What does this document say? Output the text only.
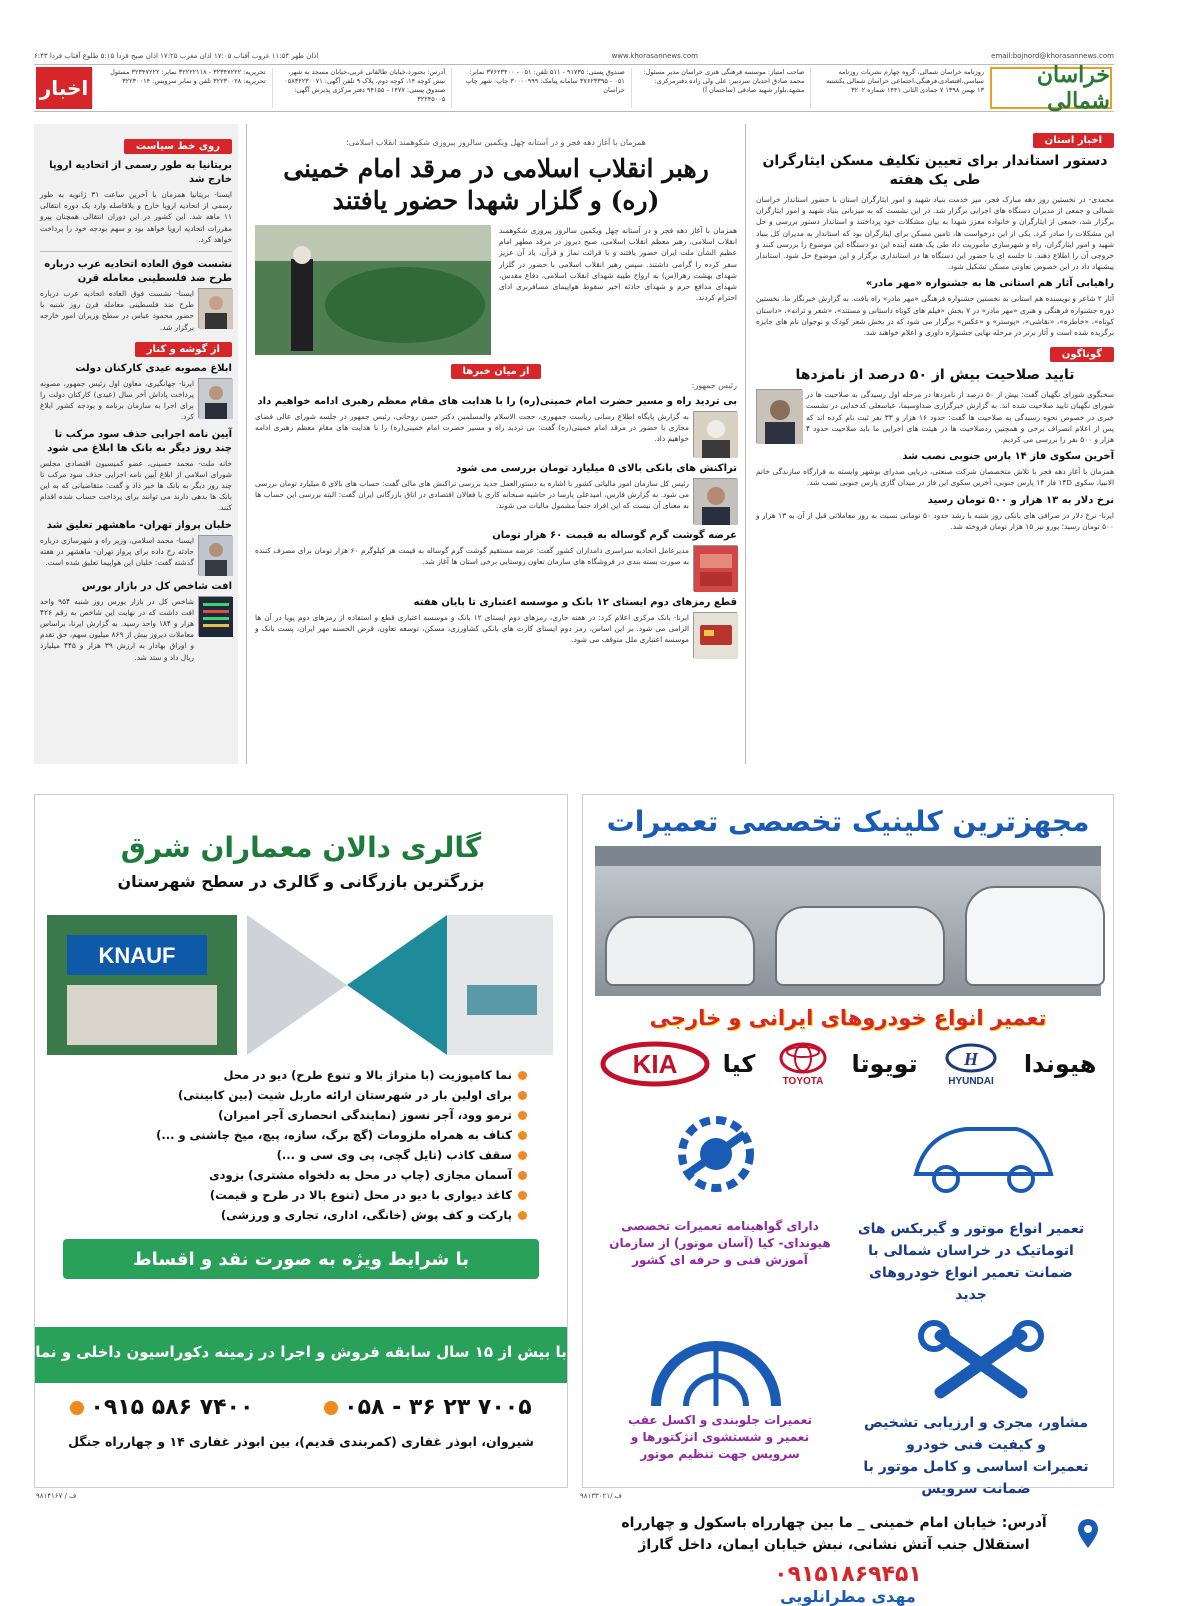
email:bojnord@khorasannews.com
www.khorasannews.com
اذان ظهر ۱۱:۵۴ غروب آفتاب ۱۷:۰۵ اذان مغرب ۱۷:۲۵ اذان صبح فردا ۵:۱۵ طلوع آفتاب فردا ۶:۴۳
خراسان شمالی
روزنامه خراسان شمالی، گروه چهارم نشریات روزنامه سیاسی،اقتصادی،فرهنگی،اجتماعی خراسان شمالی یکشنبه ۱۳ بهمن ۱۳۹۸ ۷ جمادی الثانی ۱۴۴۱ شماره ۳۲۰۲
صاحب امتیاز: موسسه فرهنگی هنری خراسان مدیر مسئول: محمد صادق احدیان سردبیر: علی ولی زاده دفترمرکزی: مشهد،بلوار شهید صادقی (ساختمان آ)
صندوق پستی: ۹۱۷۳۵ - ۵۱۱ تلفن: ۰۵۱ - ۳۷۶۲۳۴۰۰ نمابر: ۰۵۱ - ۳۷۶۲۳۳۹۵ سامانه پیامک: ۳۰۰۰۰۹۹۹ چاپ: شهر چاپ خراسان
آدرس: بجنورد،خیابان طالقانی غربی،خیابان مسجد به شهر، نبش کوچه ۱۴، کوچه دوم، پلاک ۹ تلفن آگهی: ۰۵۸۳۲۲۳۰۰۷۱ صندوق پستی: ۱۴۷۷ - ۹۴۱۵۵ دفتر مرکزی پذیرش آگهی: ۳۲۲۴۵۰۰۵
تحریریه: ۳۲۳۴۷۲۲۲ - ۳۲۲۲۲۱۱۸ نمابر: ۳۲۳۴۷۲۲۲ مسئول تحریریه: ۳۲۲۳۰۰۲۸ تلفن و نمابر سرویس: ۳۲۲۳۰۰۱۴
اخبار
اخبار استان
دستور استاندار برای تعیین تکلیف مسکن ایثارگران طی یک هفته

محمدی- در نخستین روز دهه مبارک فجر، میز خدمت بنیاد شهید و امور ایثارگران استان با حضور استاندار خراسان شمالی و جمعی از مدیران دستگاه های اجرایی برگزار شد. در این نشست که به میزبانی بنیاد شهید و امور ایثارگران برگزار شد، جمعی از ایثارگران و خانواده معزز شهدا به بیان مشکلات خود پرداختند و استاندار دستور بررسی و حل این مشکلات را صادر کرد. یکی از این درخواست ها، تامین مسکن برای ایثارگران بود که استاندار به مدیران کل بنیاد شهید و امور ایثارگران، راه و شهرسازی مأموریت داد طی یک هفته آینده این دو دستگاه این موضوع را بررسی کنند و خروجی آن را اطلاع دهند. تا جلسه ای با حضور این دستگاه ها در استانداری برگزار و این موضوع حل شود. استاندار پیشنهاد داد در این خصوص تعاونی مسکن تشکیل شود.

راهیابی آثار هم استانی ها به جشنواره «مهر مادر»

آثار ۲ شاعر و نویسنده هم استانی به نخستین جشنواره فرهنگی «مهر مادر» راه یافت. به گزارش خبرنگار ما، نخستین دوره جشنواره فرهنگی و هنری «مهر مادر» در ۷ بخش «فیلم های کوتاه داستانی و مستند»، «شعر و ترانه»، «داستان کوتاه»، «خاطره»، «نقاشی»، «پوستر» و «عکس» برگزار می شود که در بخش شعر کودک و نوجوان نام های جایزه برگزیده شده است و آثار برتر در مرحله نهایی جشنواره داوری و اعلام خواهند شد.

گوناگون
تایید صلاحیت بیش از ۵۰ درصد از نامزدها

سخنگوی شورای نگهبان گفت: بیش از ۵۰ درصد از نامزدها در مرحله اول رسیدگی به صلاحیت ها در شورای نگهبان تایید صلاحیت شده اند. به گزارش خبرگزاری صداوسیما، عباسعلی کدخدایی در نشست خبری در خصوص نحوه رسیدگی به صلاحیت ها گفت: حدود ۱۶ هزار و ۳۳ نفر ثبت نام کرده اند که پس از اعلام انصراف برخی و همچنین ردصلاحیت ها در هیئت های اجرایی ما باید صلاحیت حدود ۴ هزار و ۵۰۰ نفر را بررسی می کردیم.

آخرین سکوی فاز ۱۴ پارس جنوبی نصب شد

همزمان با آغاز دهه فجر با تلاش متخصصان شرکت صنعتی، دریایی صدرای بوشهر وابسته به قرارگاه سازندگی خاتم الانبیا، سکوی ۱۴D فاز ۱۴ پارس جنوبی، آخرین سکوی این فاز در میدان گازی پارس جنوبی نصب شد.

نرخ دلار به ۱۳ هزار و ۵۰۰ تومان رسید

ایرنا- نرخ دلار در صرافی های بانکی روز شنبه با رشد حدود ۵۰ تومانی نسبت به روز معاملاتی قبل از آن به ۱۳ هزار و ۵۰۰ تومان رسید؛ یورو نیز ۱۵ هزار تومان فروخته شد.

همزمان با آغاز دهه فجر و در آستانه چهل ویکمین سالروز پیروزی شکوهمند انقلاب اسلامی؛

رهبر انقلاب اسلامی در مرقد امام خمینی (ره) و گلزار شهدا حضور یافتند

همزمان با آغاز دهه فجر و در آستانه چهل ویکمین سالروز پیروزی شکوهمند انقلاب اسلامی، رهبر معظم انقلاب اسلامی، صبح دیروز در مرقد مطهر امام عظیم الشأن ملت ایران حضور یافتند و با قرائت نماز و قرآن، یاد آن عزیز سفر کرده را گرامی داشتند. سپس رهبر انقلاب اسلامی با حضور در گلزار شهدای بهشت زهرا(س) به ارواح طیبه شهدای انقلاب اسلامی، دفاع مقدس، شهدای مدافع حرم و شهدای حادثه اخیر سقوط هواپیمای مسافربری ادای احترام کردند.

از میان خبرها

رئیس جمهور:

بی تردید راه و مسیر حضرت امام خمینی(ره) را با هدایت های مقام معظم رهبری ادامه خواهیم داد

به گزارش پایگاه اطلاع رسانی ریاست جمهوری، حجت الاسلام والمسلمین دکتر حسن روحانی، رئیس جمهور در جلسه شورای عالی فضای مجازی با حضور در مرقد امام خمینی(ره) گفت: بی تردید راه و مسیر حضرت امام خمینی(ره) را با هدایت های مقام معظم رهبری ادامه خواهیم داد.

تراکنش های بانکی بالای ۵ میلیارد تومان بررسی می شود

رئیس کل سازمان امور مالیاتی کشور با اشاره به دستورالعمل جدید بررسی تراکنش های مالی گفت: حساب های بالای ۵ میلیارد تومان بررسی می شود. به گزارش فارس، امیدعلی پارسا در حاشیه صبحانه کاری با فعالان اقتصادی در اتاق بازرگانی ایران گفت: البته بررسی این حساب ها به معنای آن نیست که این افراد حتماً مشمول مالیات می شوند.

عرضه گوشت گرم گوساله به قیمت ۶۰ هزار تومان

مدیرعامل اتحادیه سراسری دامداران کشور گفت: عرضه مستقیم گوشت گرم گوساله به قیمت هر کیلوگرم ۶۰ هزار تومان برای مصرف کننده به صورت بسته بندی در فروشگاه های سازمان تعاون روستایی برخی استان ها آغاز شد.

قطع رمزهای دوم ایستای ۱۲ بانک و موسسه اعتباری تا پایان هفته

ایرنا- بانک مرکزی اعلام کرد: در هفته جاری، رمزهای دوم ایستای ۱۲ بانک و موسسه اعتباری قطع و استفاده از رمزهای دوم پویا در آن ها الزامی می شود. بر این اساس، رمز دوم ایستای کارت های بانکی کشاورزی، مسکن، توسعه تعاون، قرض الحسنه مهر ایران، پست بانک و موسسه اعتباری ملل متوقف می شود.

روی خط سیاست
بریتانیا به طور رسمی از اتحادیه اروپا خارج شد

ایسنا- بریتانیا همزمان با آخرین ساعت ۳۱ ژانویه به طور رسمی از اتحادیه اروپا خارج و بلافاصله وارد یک دوره انتقالی ۱۱ ماهه شد. این کشور در این دوران انتقالی همچنان پیرو مقررات اتحادیه اروپا خواهد بود و سهم بودجه خود را پرداخت خواهد کرد.

نشست فوق العاده اتحادیه عرب درباره طرح ضد فلسطینی معامله قرن

ایسنا- نشست فوق العاده اتحادیه عرب درباره طرح ضد فلسطینی معامله قرن روز شنبه با حضور محمود عباس در سطح وزیران امور خارجه برگزار شد.

از گوشه و کنار
ابلاغ مصوبه عیدی کارکنان دولت

ایرنا- جهانگیری، معاون اول رئیس جمهور، مصوبه پرداخت پاداش آخر سال (عیدی) کارکنان دولت را برای اجرا به سازمان برنامه و بودجه کشور ابلاغ کرد.

آیین نامه اجرایی حذف سود مرکب تا چند روز دیگر به بانک ها ابلاغ می شود

خانه ملت- محمد حسینی، عضو کمیسیون اقتصادی مجلس شورای اسلامی از ابلاغ آیین نامه اجرایی حذف سود مرکب تا چند روز دیگر به بانک ها خبر داد و گفت: متقاضیانی که به این بانک ها بدهی دارند می توانند برای پرداخت حساب شده اقدام کنند.

خلبان پرواز تهران- ماهشهر تعلیق شد

ایسنا- محمد اسلامی، وزیر راه و شهرسازی درباره حادثه رخ داده برای پرواز تهران- ماهشهر در هفته گذشته گفت: خلبان این هواپیما تعلیق شده است.

افت شاخص کل در بازار بورس

شاخص کل در بازار بورس روز شنبه ۹۵۴ واحد افت داشت که در نهایت این شاخص به رقم ۴۲۶ هزار و ۱۸۴ واحد رسید. به گزارش ایرنا، براساس معاملات دیروز بیش از ۸۶۹ میلیون سهم، حق تقدم و اوراق بهادار به ارزش ۳۹ هزار و ۴۴۵ میلیارد ریال داد و ستد شد.

مجهزترین کلینیک تخصصی تعمیرات
تعمیر انواع خودروهای ایرانی و خارجی
KIA کیا
TOYOTA
تویوتا	H
HYUNDAI
هیوندا
تعمیر انواع موتور و گیربکس های اتوماتیک در خراسان شمالی با ضمانت تعمیر انواع خودروهای جدید
دارای گواهینامه تعمیرات تخصصی هیوندای- کیا (آسان موتور) از سازمان آموزش فنی و حرفه ای کشور
مشاور، مجری و ارزیابی تشخیص و کیفیت فنی خودرو
تعمیرات اساسی و کامل موتور با ضمانت سرویس
تعمیرات جلوبندی و اکسل عقب
تعمیر و شستشوی انژکتورها و سرویس جهت تنظیم موتور
آدرس: خیابان امام خمینی _ ما بین چهارراه باسکول و چهارراه استقلال جنب آتش نشانی، نبش خیابان ایمان، داخل گاراژ
۰۹۱۵۱۸۶۹۴۵۱
مهدی مطرانلویی
گالری دالان معماران شرق
بزرگترین بازرگانی و گالری در سطح شهرستان
KNAUF
نما کامپوزیت (با متراژ بالا و تنوع طرح) دیو در محل
برای اولین بار در شهرستان ارائه ماربل شیت (بین کابینتی)
ترمو وود، آجر نسوز (نمایندگی انحصاری آجر امیران)
کناف به همراه ملزومات (گچ برگ، سازه، پیچ، میخ چاشنی و ...)
سقف کاذب (تایل گچی، پی وی سی و ...)
آسمان مجازی (چاپ در محل به دلخواه مشتری) بزودی
کاغذ دیواری با دیو در محل (تنوع بالا در طرح و قیمت)
پارکت و کف پوش (خانگی، اداری، تجاری و ورزشی)
با شرایط ویژه به صورت نقد و اقساط
با بیش از ۱۵ سال سابقه فروش و اجرا در زمینه دکوراسیون داخلی و نما
۰۵۸ - ۳۶ ۲۳ ۷۰۰۵
۰۹۱۵ ۵۸۶ ۷۴۰۰
شیروان، ابوذر غفاری (کمربندی قدیم)، بین ابوذر غفاری ۱۴ و چهارراه جنگل
۹۸۱۳۳۰۲۱/ ف
۹۸۱۴۱۶۷ / ف
